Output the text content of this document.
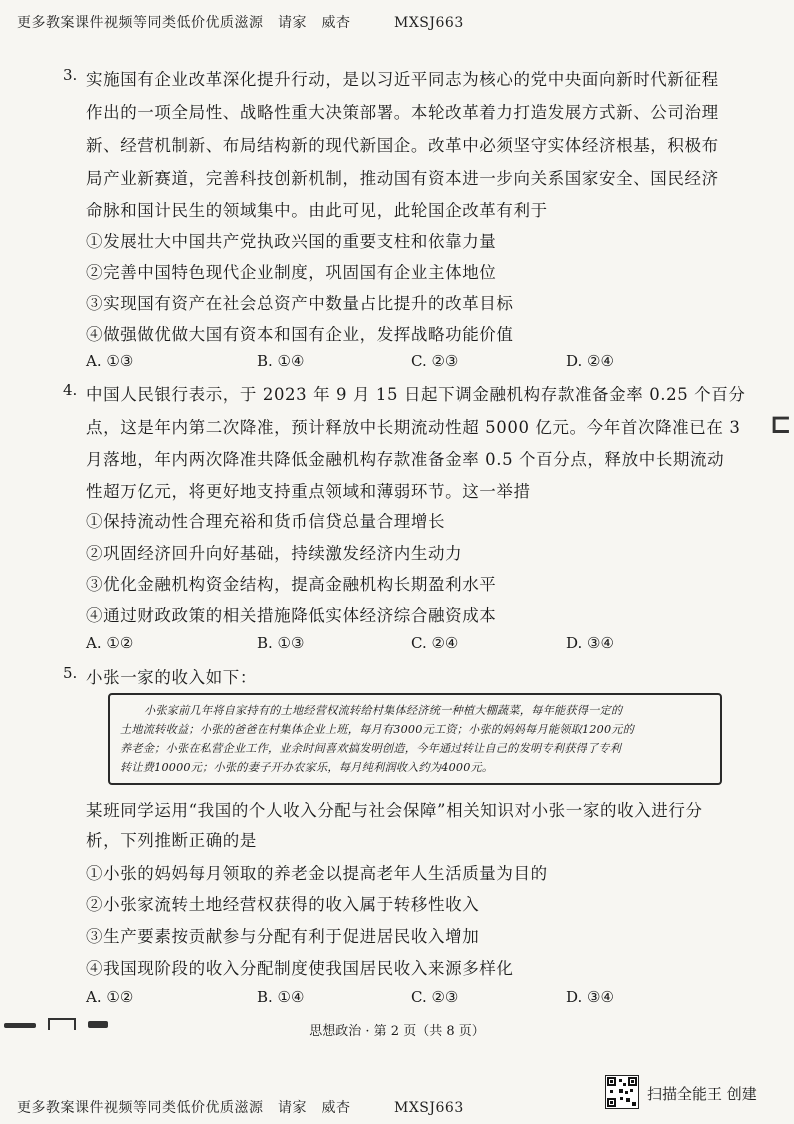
更多教案课件视频等同类低价优质滋源　请家　威杏　　　MXSJ663
3. 实施国有企业改革深化提升行动，是以习近平同志为核心的党中央面向新时代新征程
作出的一项全局性、战略性重大决策部署。本轮改革着力打造发展方式新、公司治理
新、经营机制新、布局结构新的现代新国企。改革中必须坚守实体经济根基，积极布
局产业新赛道，完善科技创新机制，推动国有资本进一步向关系国家安全、国民经济
命脉和国计民生的领域集中。由此可见，此轮国企改革有利于
①发展壮大中国共产党执政兴国的重要支柱和依靠力量
②完善中国特色现代企业制度，巩固国有企业主体地位
③实现国有资产在社会总资产中数量占比提升的改革目标
④做强做优做大国有资本和国有企业，发挥战略功能价值
A. ①③	B. ①④	C. ②③	D. ②④
4. 中国人民银行表示，于 2023 年 9 月 15 日起下调金融机构存款准备金率 0.25 个百分
点，这是年内第二次降准，预计释放中长期流动性超 5000 亿元。今年首次降准已在 3
月落地，年内两次降准共降低金融机构存款准备金率 0.5 个百分点，释放中长期流动
性超万亿元，将更好地支持重点领域和薄弱环节。这一举措
①保持流动性合理充裕和货币信贷总量合理增长
②巩固经济回升向好基础，持续激发经济内生动力
③优化金融机构资金结构，提高金融机构长期盈利水平
④通过财政政策的相关措施降低实体经济综合融资成本
A. ①②	B. ①③	C. ②④	D. ③④
⊏
5. 小张一家的收入如下：
小张家前几年将自家持有的土地经营权流转给村集体经济统一种植大棚蔬菜，每年能获得一定的
土地流转收益；小张的爸爸在村集体企业上班，每月有3000元工资；小张的妈妈每月能领取1200元的
养老金；小张在私营企业工作，业余时间喜欢搞发明创造，今年通过转让自己的发明专利获得了专利
转让费10000元；小张的妻子开办农家乐，每月纯利润收入约为4000元。
某班同学运用“我国的个人收入分配与社会保障”相关知识对小张一家的收入进行分
析，下列推断正确的是
①小张的妈妈每月领取的养老金以提高老年人生活质量为目的
②小张家流转土地经营权获得的收入属于转移性收入
③生产要素按贡献参与分配有利于促进居民收入增加
④我国现阶段的收入分配制度使我国居民收入来源多样化
A. ①②	B. ①④	C. ②③	D. ③④
思想政治 · 第 2 页（共 8 页）
更多教案课件视频等同类低价优质滋源　请家　威杏　　　MXSJ663
扫描全能王 创建
